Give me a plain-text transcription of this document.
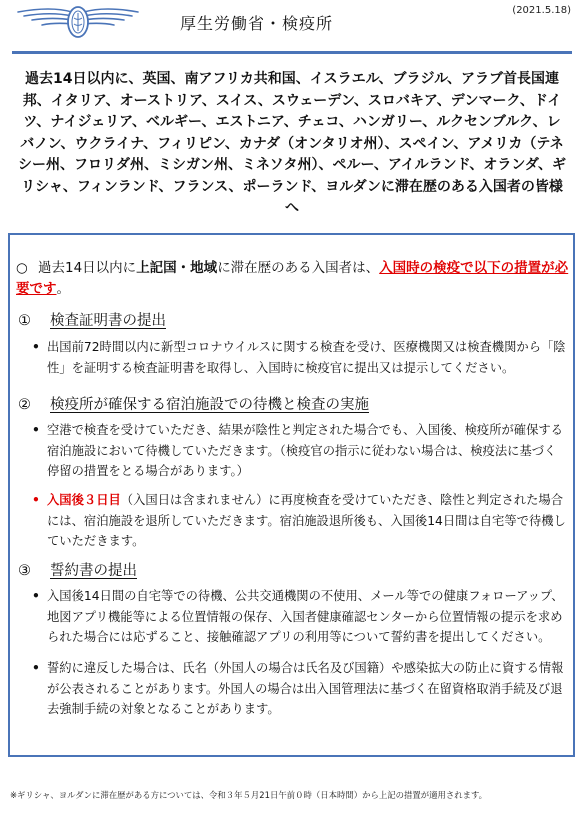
厚生労働省・検疫所
(2021.5.18)
過去14日以内に、英国、南アフリカ共和国、イスラエル、ブラジル、アラブ首長国連邦、イタリア、オーストリア、スイス、スウェーデン、スロバキア、デンマーク、ドイツ、ナイジェリア、ベルギー、エストニア、チェコ、ハンガリー、ルクセンブルク、レバノン、ウクライナ、フィリピン、カナダ（オンタリオ州）、スペイン、アメリカ（テネシー州、フロリダ州、ミシガン州、ミネソタ州）、ペルー、アイルランド、オランダ、ギリシャ、フィンランド、フランス、ポーランド、ヨルダンに滞在歴のある入国者の皆様へ
○ 過去14日以内に上記国・地域に滞在歴のある入国者は、入国時の検疫で以下の措置が必要です。
① 検査証明書の提出
• 出国前72時間以内に新型コロナウイルスに関する検査を受け、医療機関又は検査機関から「陰性」を証明する検査証明書を取得し、入国時に検疫官に提出又は提示してください。
② 検疫所が確保する宿泊施設での待機と検査の実施
• 空港で検査を受けていただき、結果が陰性と判定された場合でも、入国後、検疫所が確保する宿泊施設において待機していただきます。（検疫官の指示に従わない場合は、検疫法に基づく停留の措置をとる場合があります。）
• 入国後３日目（入国日は含まれません）に再度検査を受けていただき、陰性と判定された場合には、宿泊施設を退所していただきます。宿泊施設退所後も、入国後14日間は自宅等で待機していただきます。
③ 誓約書の提出
• 入国後14日間の自宅等での待機、公共交通機関の不使用、メール等での健康フォローアップ、地図アプリ機能等による位置情報の保存、入国者健康確認センターから位置情報の提示を求められた場合には応ずること、接触確認アプリの利用等について誓約書を提出してください。
• 誓約に違反した場合は、氏名（外国人の場合は氏名及び国籍）や感染拡大の防止に資する情報が公表されることがあります。外国人の場合は出入国管理法に基づく在留資格取消手続及び退去強制手続の対象となることがあります。
※ギリシャ、ヨルダンに滞在歴がある方については、令和３年５月21日午前０時（日本時間）から上記の措置が適用されます。
